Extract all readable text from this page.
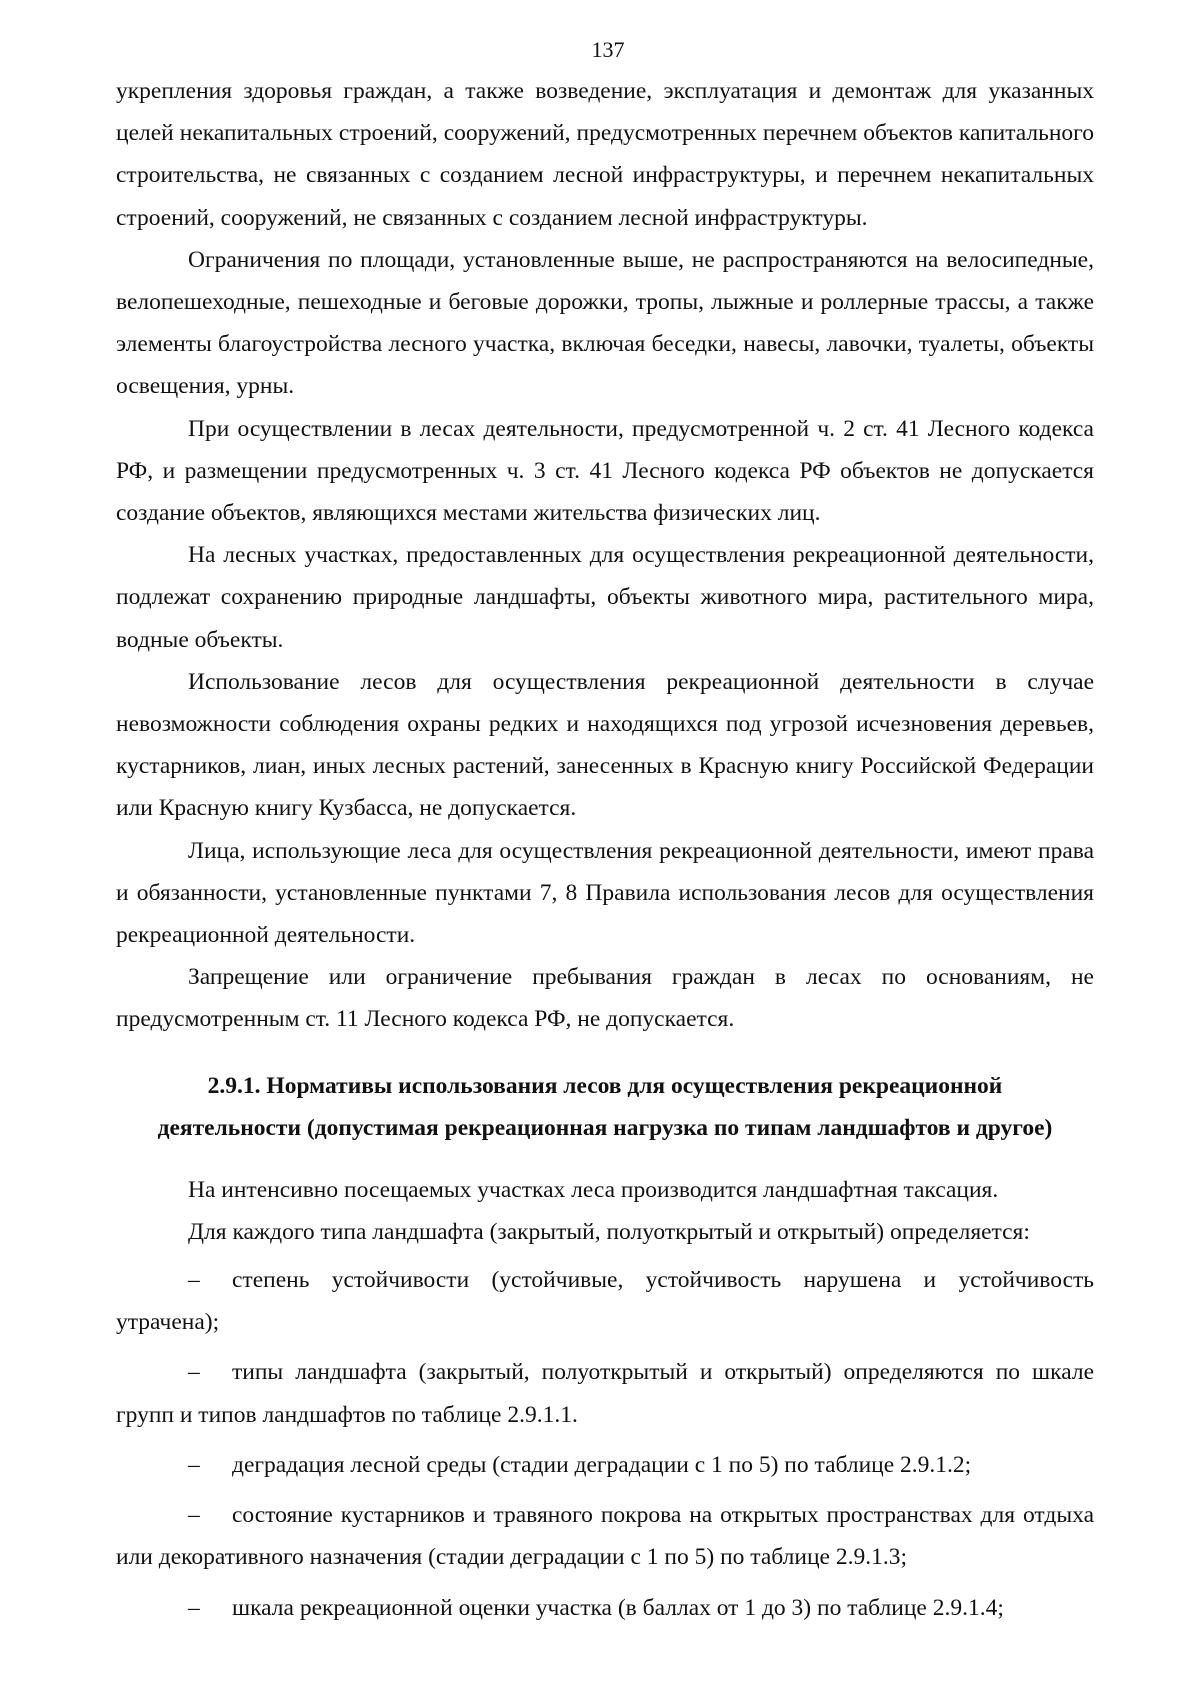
137

укрепления здоровья граждан, а также возведение, эксплуатация и демонтаж для указанных целей некапитальных строений, сооружений, предусмотренных перечнем объектов капитального строительства, не связанных с созданием лесной инфраструктуры, и перечнем некапитальных строений, сооружений, не связанных с созданием лесной инфраструктуры.

Ограничения по площади, установленные выше, не распространяются на велосипедные, велопешеходные, пешеходные и беговые дорожки, тропы, лыжные и роллерные трассы, а также элементы благоустройства лесного участка, включая беседки, навесы, лавочки, туалеты, объекты освещения, урны.

При осуществлении в лесах деятельности, предусмотренной ч. 2 ст. 41 Лесного кодекса РФ, и размещении предусмотренных ч. 3 ст. 41 Лесного кодекса РФ объектов не допускается создание объектов, являющихся местами жительства физических лиц.

На лесных участках, предоставленных для осуществления рекреационной деятельности, подлежат сохранению природные ландшафты, объекты животного мира, растительного мира, водные объекты.

Использование лесов для осуществления рекреационной деятельности в случае невозможности соблюдения охраны редких и находящихся под угрозой исчезновения деревьев, кустарников, лиан, иных лесных растений, занесенных в Красную книгу Российской Федерации или Красную книгу Кузбасса, не допускается.

Лица, использующие леса для осуществления рекреационной деятельности, имеют права и обязанности, установленные пунктами 7, 8 Правила использования лесов для осуществления рекреационной деятельности.

Запрещение или ограничение пребывания граждан в лесах по основаниям, не предусмотренным ст. 11 Лесного кодекса РФ, не допускается.

2.9.1. Нормативы использования лесов для осуществления рекреационной
деятельности (допустимая рекреационная нагрузка по типам ландшафтов и другое)

На интенсивно посещаемых участках леса производится ландшафтная таксация.

Для каждого типа ландшафта (закрытый, полуоткрытый и открытый) определяется:

– степень устойчивости (устойчивые, устойчивость нарушена и устойчивость утрачена);

– типы ландшафта (закрытый, полуоткрытый и открытый) определяются по шкале групп и типов ландшафтов по таблице 2.9.1.1.

– деградация лесной среды (стадии деградации с 1 по 5) по таблице 2.9.1.2;

– состояние кустарников и травяного покрова на открытых пространствах для отдыха или декоративного назначения (стадии деградации с 1 по 5) по таблице 2.9.1.3;

– шкала рекреационной оценки участка (в баллах от 1 до 3) по таблице 2.9.1.4;
